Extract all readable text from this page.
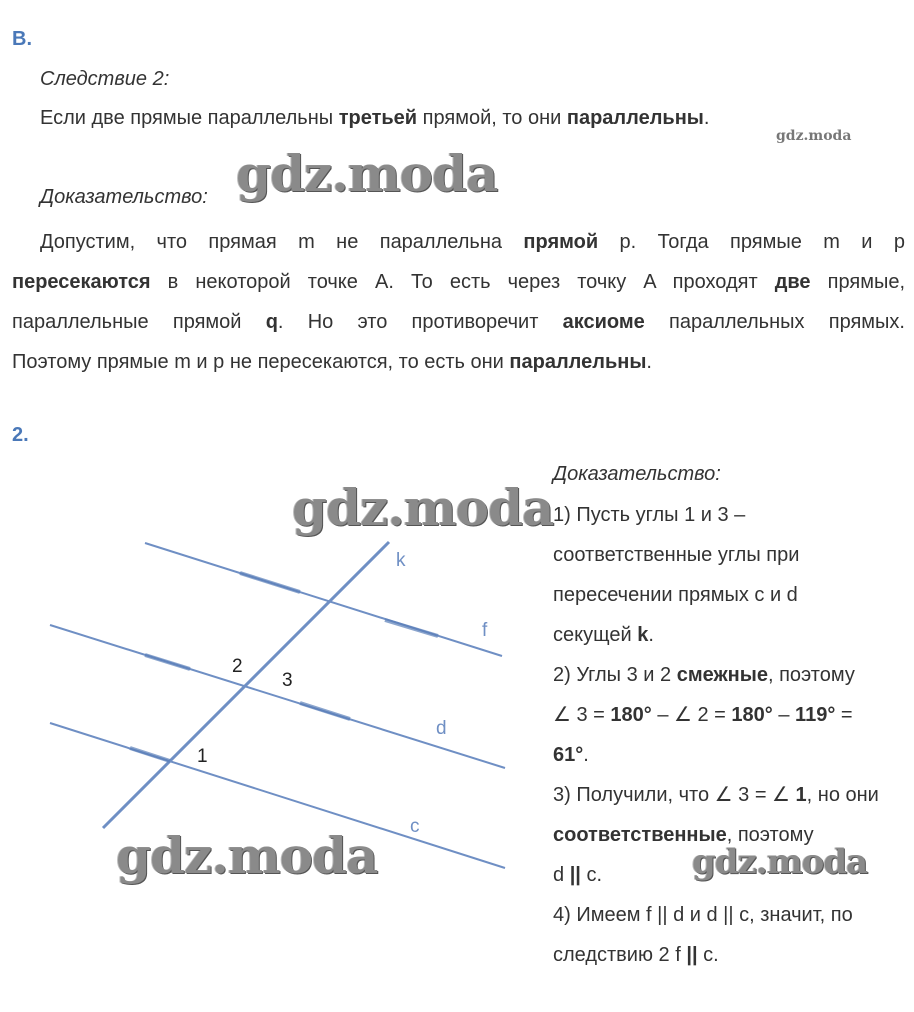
B.
Следствие 2:
Если две прямые параллельны третьей прямой, то они параллельны.
gdz.moda
Доказательство: gdz.moda
Допустим, что прямая m не параллельна прямой p. Тогда прямые m и p
пересекаются в некоторой точке A. То есть через точку A проходят две прямые,
параллельные прямой q. Но это противоречит аксиоме параллельных прямых.
Поэтому прямые m и p не пересекаются, то есть они параллельны.
2.
k
f
d
c
2
3
1
gdz.moda
gdz.moda	gdz.moda
Доказательство:
1) Пусть углы 1 и 3 –
соответственные углы при
пересечении прямых c и d
секущей k.
2) Углы 3 и 2 смежные, поэтому
∠ 3 = 180° – ∠ 2 = 180° – 119° =
61°.
3) Получили, что ∠ 3 = ∠ 1, но они
соответственные, поэтому
d || c.
4) Имеем f || d и d || c, значит, по
следствию 2 f || c.
